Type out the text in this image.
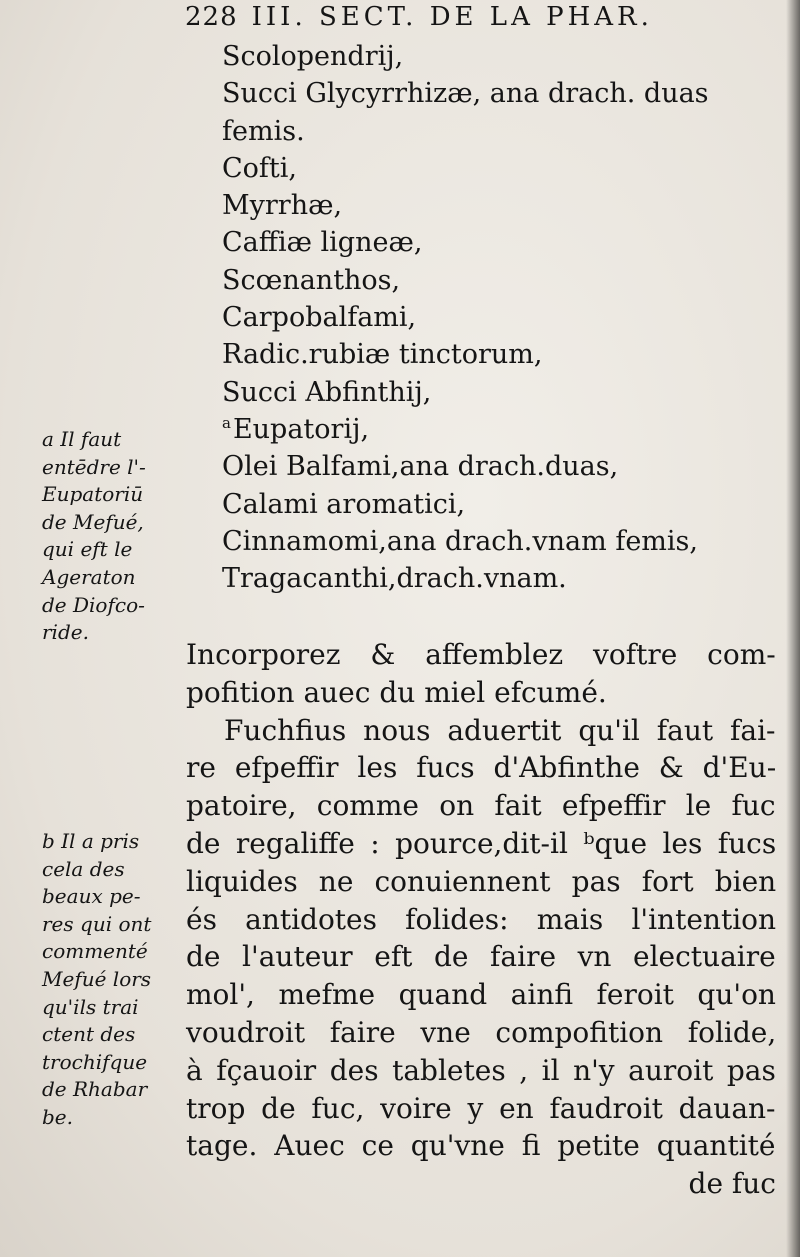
228 III. SECT. DE LA PHAR.
Scolopendrij,
Succi Glycyrrhizæ, ana drach. duas
femis.
Cofti,
Myrrhæ,
Caffiæ ligneæ,
Scœnanthos,
Carpobalfami,
Radic.rubiæ tinctorum,
Succi Abfinthij,
$^a$Eupatorij,
Olei Balfami,ana drach.duas,
Calami aromatici,
Cinnamomi,ana drach.vnam femis,
Tragacanthi,drach.vnam.
a Il faut
entēdre l'-
Eupatoriū
de Mefué,
qui eft le
Ageraton
de Diofco-
ride.
Incorporez & affemblez voftre com-
pofition auec du miel efcumé.
Fuchfius nous aduertit qu'il faut fai-
re efpeffir les fucs d'Abfinthe & d'Eu-
patoire, comme on fait efpeffir le fuc
de regaliffe : pource,dit-il ᵇque les fucs
liquides ne conuiennent pas fort bien
és antidotes folides: mais l'intention
de l'auteur eft de faire vn electuaire
mol', mefme quand ainfi feroit qu'on
voudroit faire vne compofition folide,
à fçauoir des tabletes , il n'y auroit pas
trop de fuc, voire y en faudroit dauan-
tage. Auec ce qu'vne fi petite quantité
de fuc
b Il a pris
cela des
beaux pe-
res qui ont
commenté
Mefué lors
qu'ils trai
ctent des
trochifque
de Rhabar
be.
